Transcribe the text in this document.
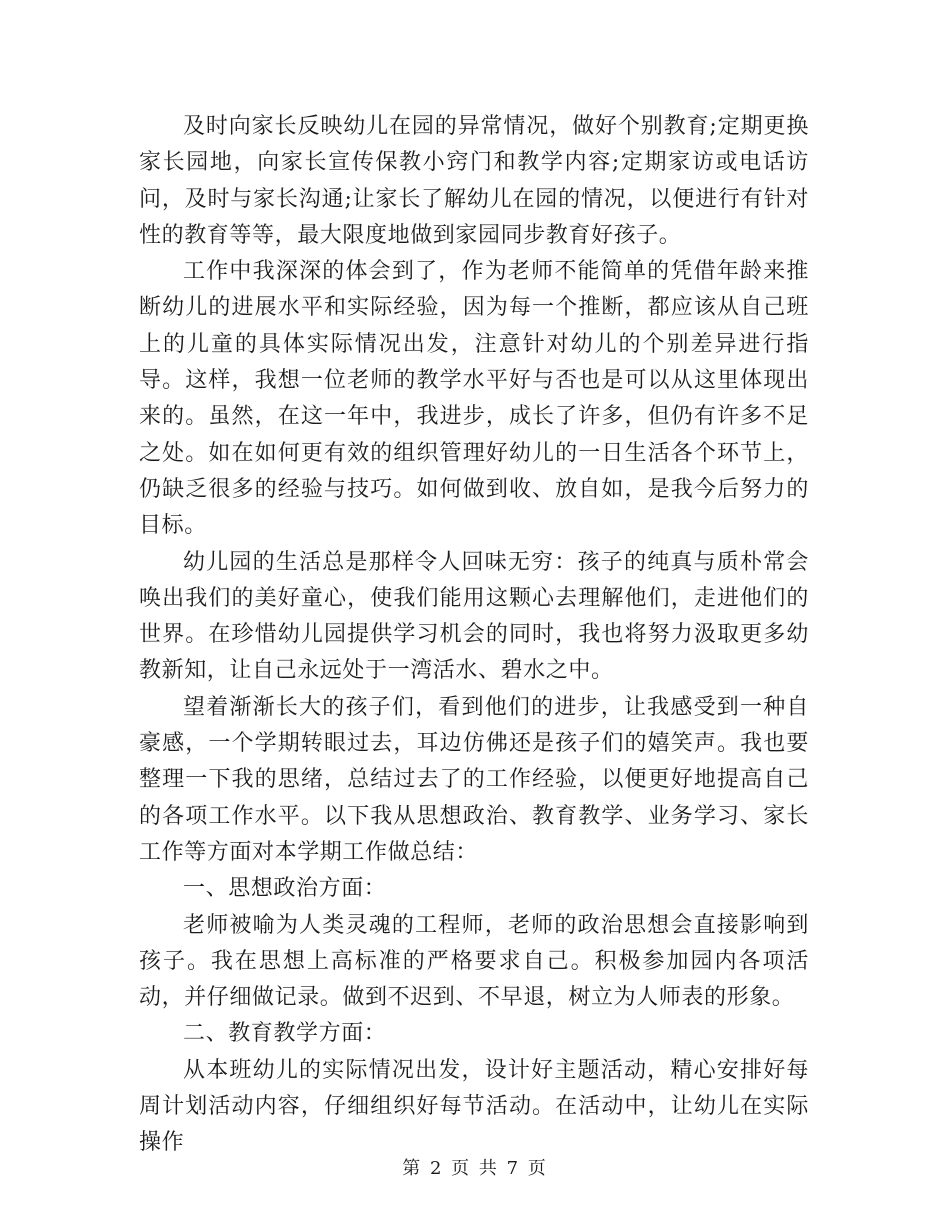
及时向家长反映幼儿在园的异常情况，做好个别教育;定期更换家长园地，向家长宣传保教小窍门和教学内容;定期家访或电话访问，及时与家长沟通;让家长了解幼儿在园的情况，以便进行有针对性的教育等等，最大限度地做到家园同步教育好孩子。

工作中我深深的体会到了，作为老师不能简单的凭借年龄来推断幼儿的进展水平和实际经验，因为每一个推断，都应该从自己班上的儿童的具体实际情况出发，注意针对幼儿的个别差异进行指导。这样，我想一位老师的教学水平好与否也是可以从这里体现出来的。虽然，在这一年中，我进步，成长了许多，但仍有许多不足之处。如在如何更有效的组织管理好幼儿的一日生活各个环节上，仍缺乏很多的经验与技巧。如何做到收、放自如，是我今后努力的目标。

幼儿园的生活总是那样令人回味无穷：孩子的纯真与质朴常会唤出我们的美好童心，使我们能用这颗心去理解他们，走进他们的世界。在珍惜幼儿园提供学习机会的同时，我也将努力汲取更多幼教新知，让自己永远处于一湾活水、碧水之中。

望着渐渐长大的孩子们，看到他们的进步，让我感受到一种自豪感，一个学期转眼过去，耳边仿佛还是孩子们的嬉笑声。我也要整理一下我的思绪，总结过去了的工作经验，以便更好地提高自己的各项工作水平。以下我从思想政治、教育教学、业务学习、家长工作等方面对本学期工作做总结：

一、思想政治方面：

老师被喻为人类灵魂的工程师，老师的政治思想会直接影响到孩子。我在思想上高标准的严格要求自己。积极参加园内各项活动，并仔细做记录。做到不迟到、不早退，树立为人师表的形象。

二、教育教学方面：

从本班幼儿的实际情况出发，设计好主题活动，精心安排好每周计划活动内容，仔细组织好每节活动。在活动中，让幼儿在实际操作

第 2 页 共 7 页
